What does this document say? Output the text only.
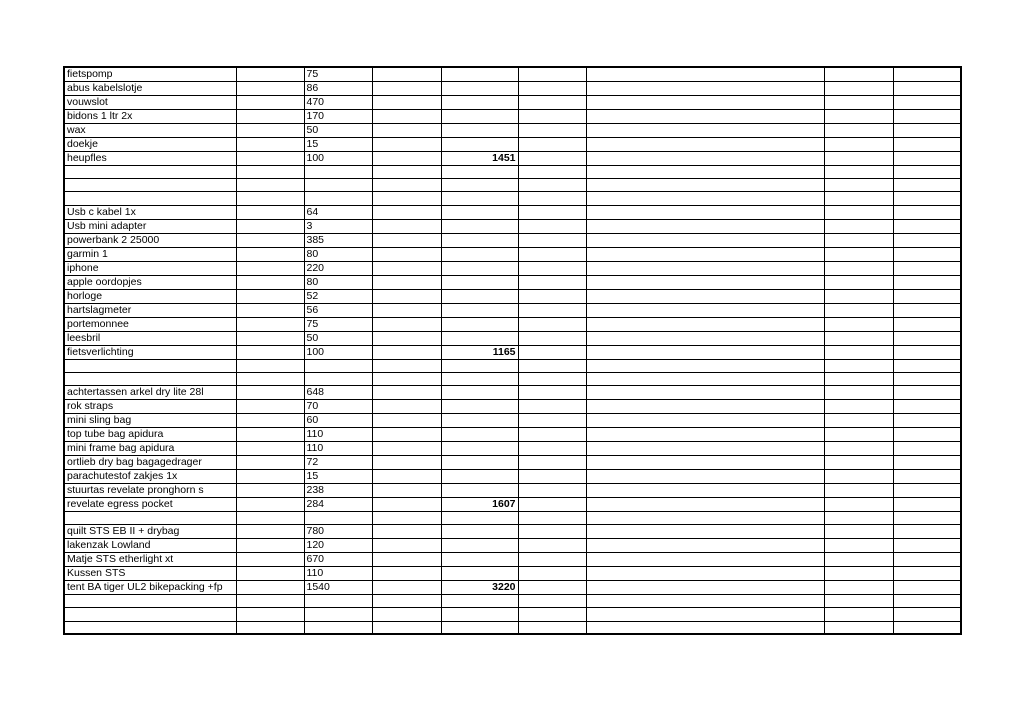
fietspomp		75						
abus kabelslotje		86						
vouwslot		470						
bidons 1 ltr 2x		170						
wax		50						
doekje		15						
heupfles		100		1451				

Usb c kabel 1x		64						
Usb mini adapter		3						
powerbank 2 25000		385						
garmin 1		80						
iphone		220						
apple oordopjes		80						
horloge		52						
hartslagmeter		56						
portemonnee		75						
leesbril		50						
fietsverlichting		100		1165				

achtertassen arkel dry lite 28l		648						
rok straps		70						
mini sling bag		60						
top tube bag apidura		110						
mini frame bag apidura		110						
ortlieb dry bag bagagedrager		72						
parachutestof zakjes 1x		15						
stuurtas revelate pronghorn s		238						
revelate egress pocket		284		1607				

quilt STS EB II + drybag		780						
lakenzak Lowland		120						
Matje STS etherlight xt		670						
Kussen STS		110						
tent BA tiger UL2 bikepacking +fp		1540		3220				
